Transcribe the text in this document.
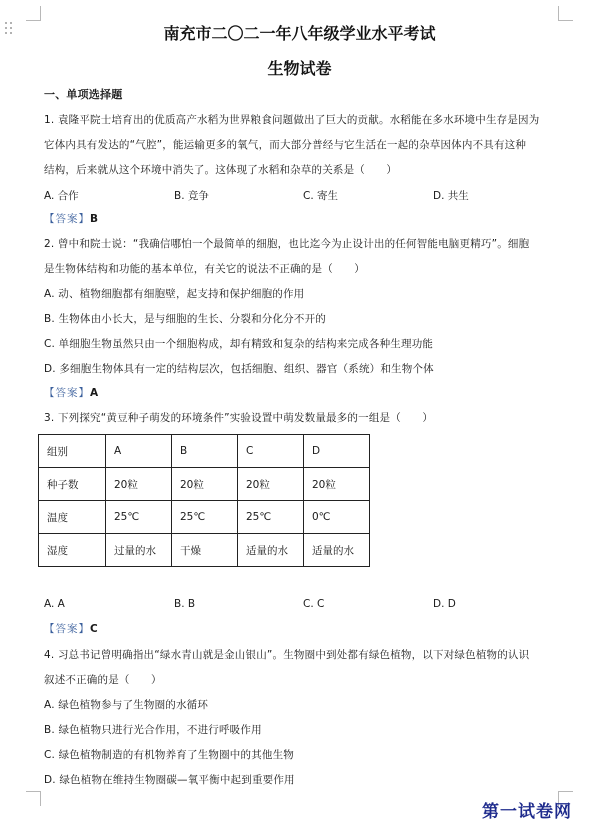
南充市二〇二一年八年级学业水平考试
生物试卷
一、单项选择题
1. 袁隆平院士培育出的优质高产水稻为世界粮食问题做出了巨大的贡献。水稻能在多水环境中生存是因为
它体内具有发达的“气腔”，能运输更多的氧气，而大部分普经与它生活在一起的杂草因体内不具有这种
结构，后来就从这个环境中消失了。这体现了水稻和杂草的关系是（　　）
A. 合作	B. 竞争	C. 寄生	D. 共生
【答案】B
2. 曾中和院士说：“我确信哪怕一个最简单的细胞，也比迄今为止设计出的任何智能电脑更精巧”。细胞
是生物体结构和功能的基本单位，有关它的说法不正确的是（　　）
A. 动、植物细胞都有细胞壁，起支持和保护细胞的作用
B. 生物体由小长大，是与细胞的生长、分裂和分化分不开的
C. 单细胞生物虽然只由一个细胞构成，却有精致和复杂的结构来完成各种生理功能
D. 多细胞生物体具有一定的结构层次，包括细胞、组织、器官（系统）和生物个体
【答案】A
3. 下列探究“黄豆种子萌发的环境条件”实验设置中萌发数量最多的一组是（　　）
组别	A	B	C	D
种子数	20粒	20粒	20粒	20粒
温度	25℃	25℃	25℃	0℃
湿度	过量的水	干燥	适量的水	适量的水
A. A	B. B	C. C	D. D
【答案】C
4. 习总书记曾明确指出“绿水青山就是金山银山”。生物圈中到处都有绿色植物，以下对绿色植物的认识
叙述不正确的是（　　）
A. 绿色植物参与了生物圈的水循环
B. 绿色植物只进行光合作用，不进行呼吸作用
C. 绿色植物制造的有机物养育了生物圈中的其他生物
D. 绿色植物在维持生物圈碳—氧平衡中起到重要作用
第一试卷网
